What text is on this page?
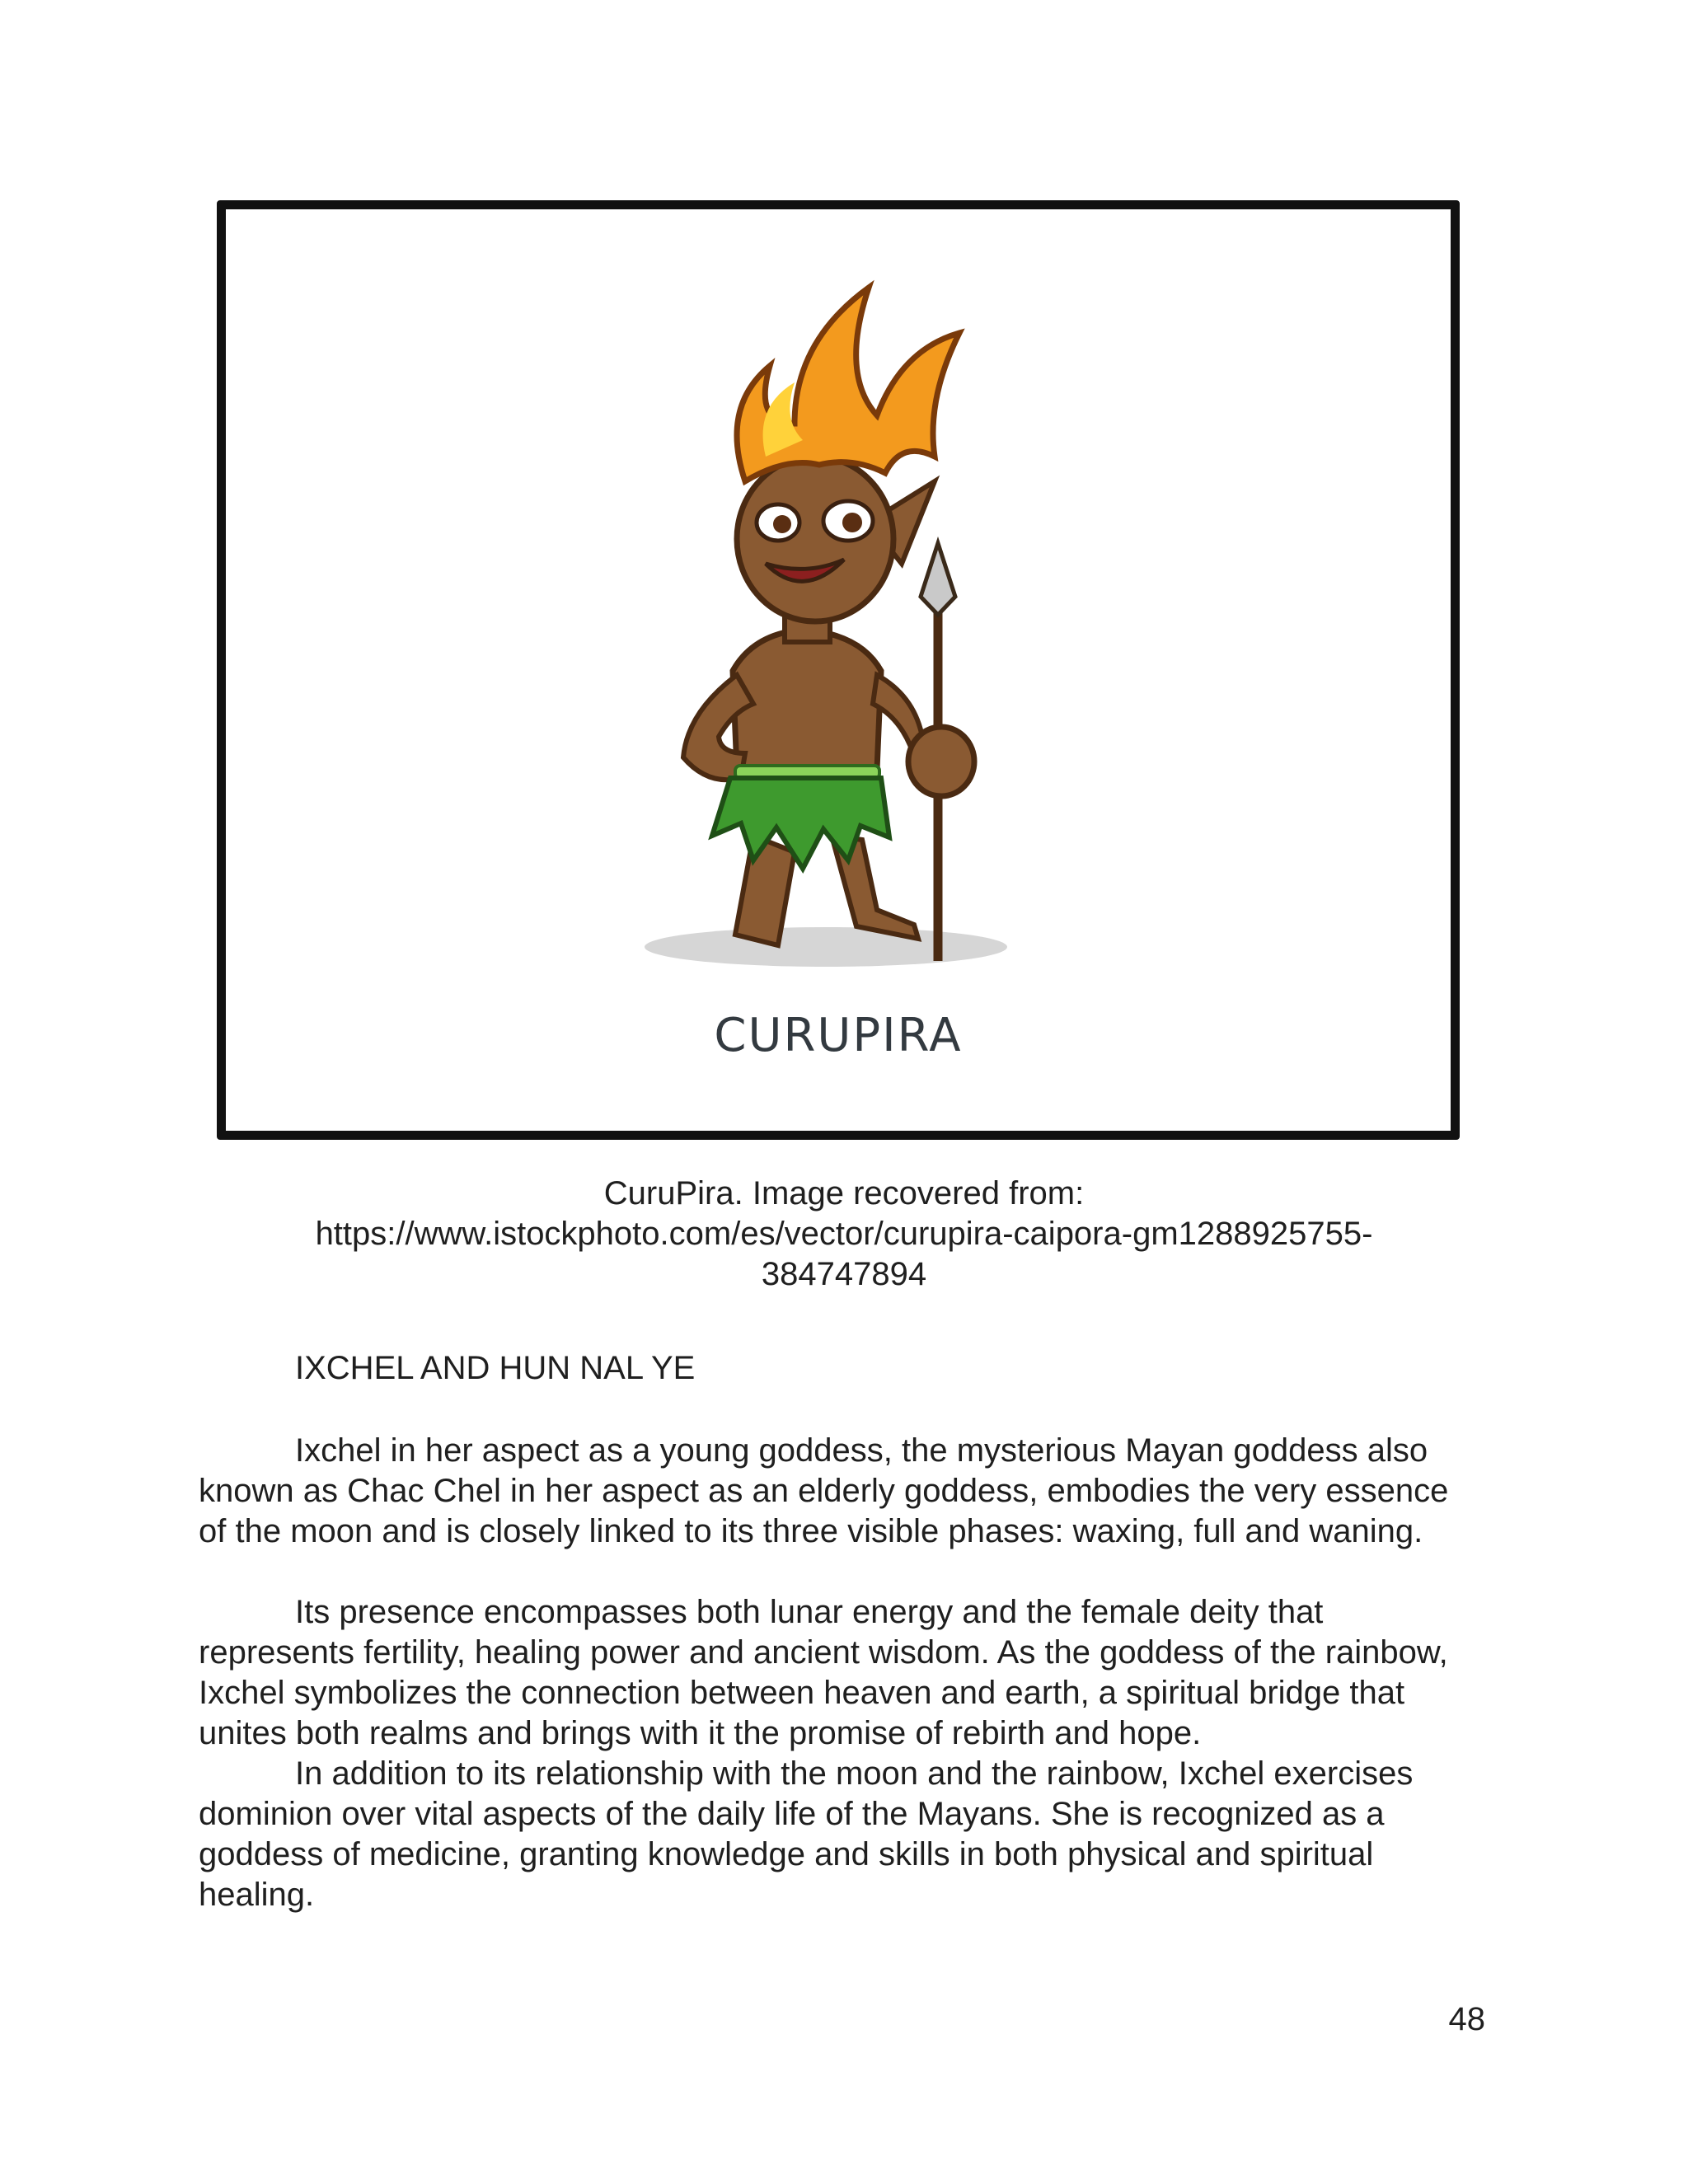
CURUPIRA
CuruPira. Image recovered from:
https://www.istockphoto.com/es/vector/curupira-caipora-gm1288925755-
384747894
IXCHEL AND HUN NAL YE

Ixchel in her aspect as a young goddess, the mysterious Mayan goddess also known as Chac Chel in her aspect as an elderly goddess, embodies the very essence of the moon and is closely linked to its three visible phases: waxing, full and waning.

Its presence encompasses both lunar energy and the female deity that represents fertility, healing power and ancient wisdom. As the goddess of the rainbow, Ixchel symbolizes the connection between heaven and earth, a spiritual bridge that unites both realms and brings with it the promise of rebirth and hope.

In addition to its relationship with the moon and the rainbow, Ixchel exercises dominion over vital aspects of the daily life of the Mayans. She is recognized as a goddess of medicine, granting knowledge and skills in both physical and spiritual healing.

48
